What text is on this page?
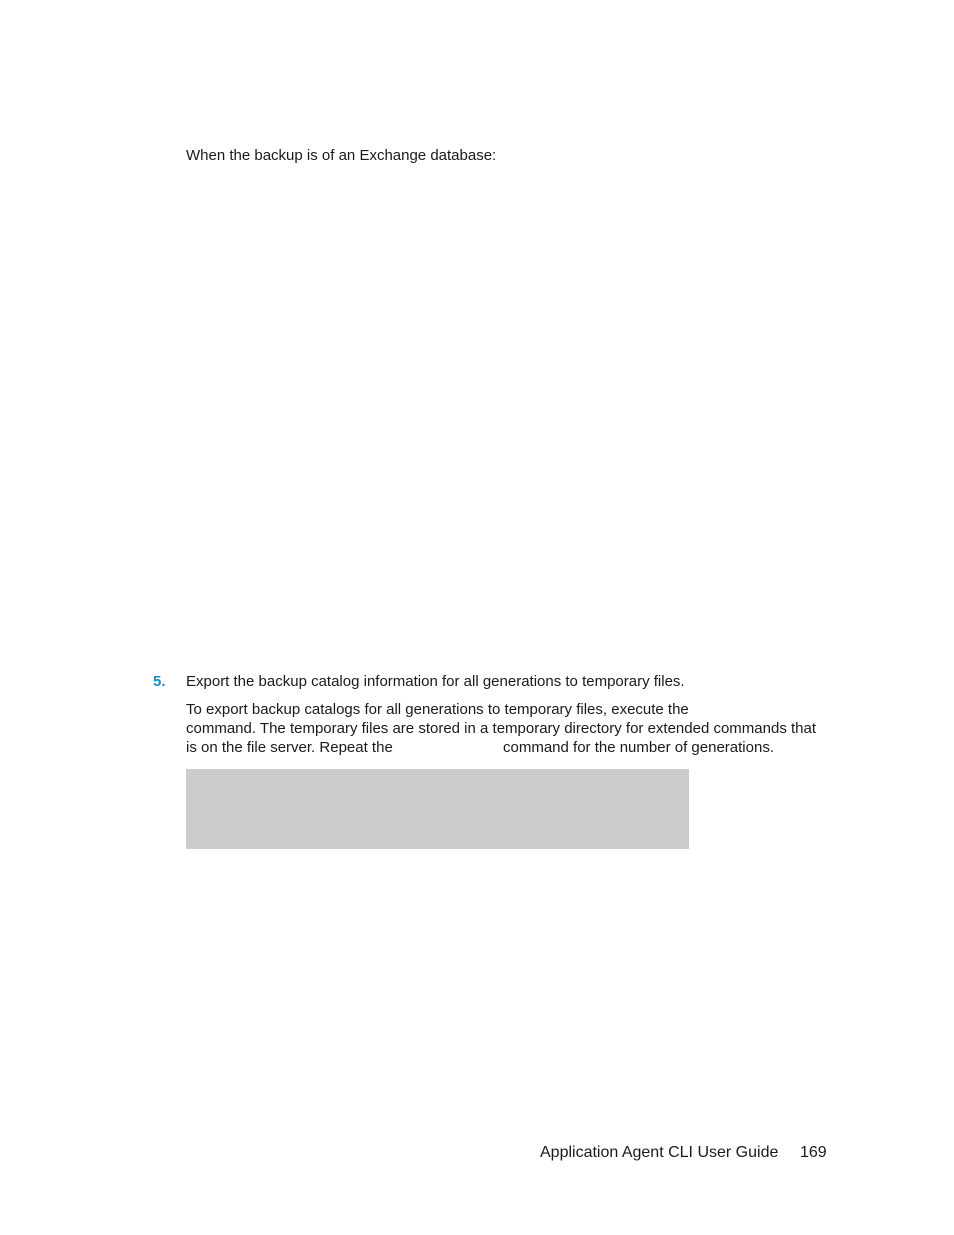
When the backup is of an Exchange database:
5. Export the backup catalog information for all generations to temporary files.
To export backup catalogs for all generations to temporary files, execute the
command. The temporary files are stored in a temporary directory for extended commands that
is on the file server. Repeat the	command for the number of generations.
Application Agent CLI User Guide 169
